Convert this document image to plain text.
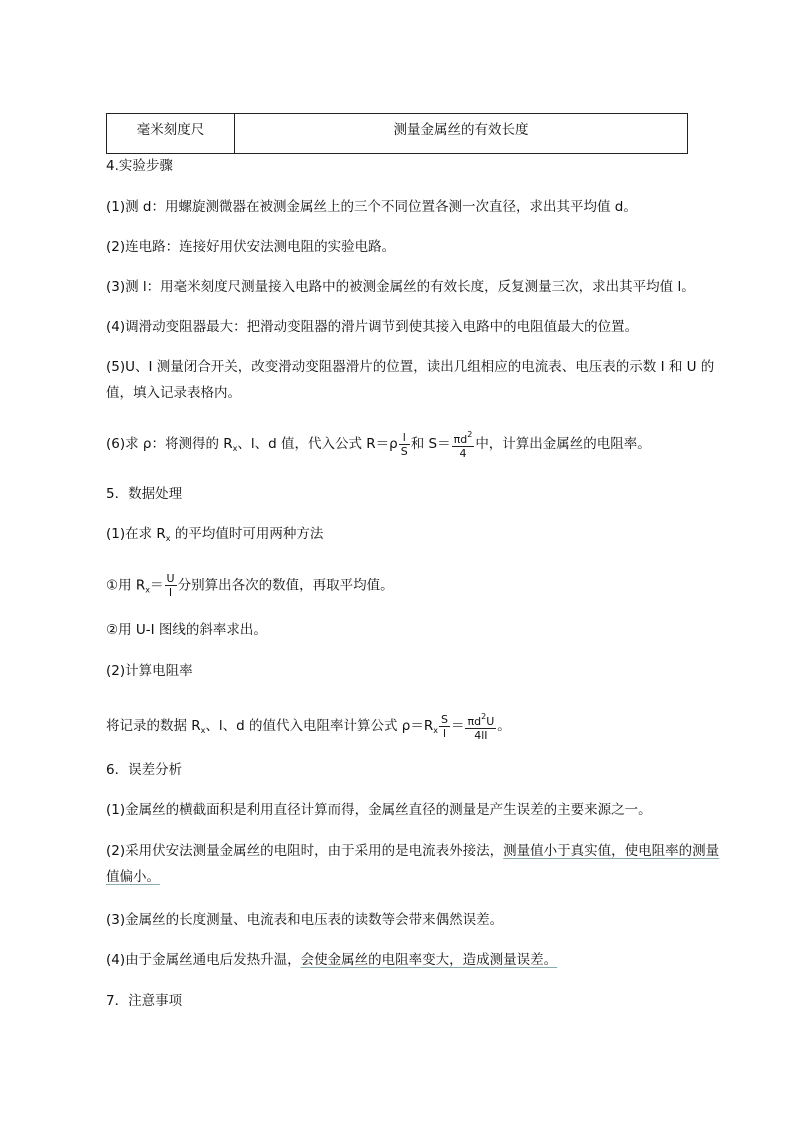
毫米刻度尺	测量金属丝的有效长度
4.实验步骤
(1)测 d：用螺旋测微器在被测金属丝上的三个不同位置各测一次直径，求出其平均值 d。
(2)连电路：连接好用伏安法测电阻的实验电路。
(3)测 l：用毫米刻度尺测量接入电路中的被测金属丝的有效长度，反复测量三次，求出其平均值 l。
(4)调滑动变阻器最大：把滑动变阻器的滑片调节到使其接入电路中的电阻值最大的位置。
(5)U、I 测量闭合开关，改变滑动变阻器滑片的位置，读出几组相应的电流表、电压表的示数 I 和 U 的值，填入记录表格内。
(6)求 ρ：将测得的 $R_x$、l、d 值，代入公式 $R=\rho \frac{l}{S}$ 和 $S= \frac{\pi d^2}{4}$ 中，计算出金属丝的电阻率。
5．数据处理
(1)在求 $R_x$ 的平均值时可用两种方法
①用 $R_x= \frac{U}{I}$ 分别算出各次的数值，再取平均值。
②用 U-I 图线的斜率求出。
(2)计算电阻率
将记录的数据 $R_x$、l、d 的值代入电阻率计算公式 $\rho=R_x \frac{S}{l} = \frac{\pi d^2U}{4lI}$ 。
6．误差分析
(1)金属丝的横截面积是利用直径计算而得，金属丝直径的测量是产生误差的主要来源之一。
(2)采用伏安法测量金属丝的电阻时，由于采用的是电流表外接法，测量值小于真实值，使电阻率的测量值偏小。
(3)金属丝的长度测量、电流表和电压表的读数等会带来偶然误差。
(4)由于金属丝通电后发热升温，会使金属丝的电阻率变大，造成测量误差。
7．注意事项
